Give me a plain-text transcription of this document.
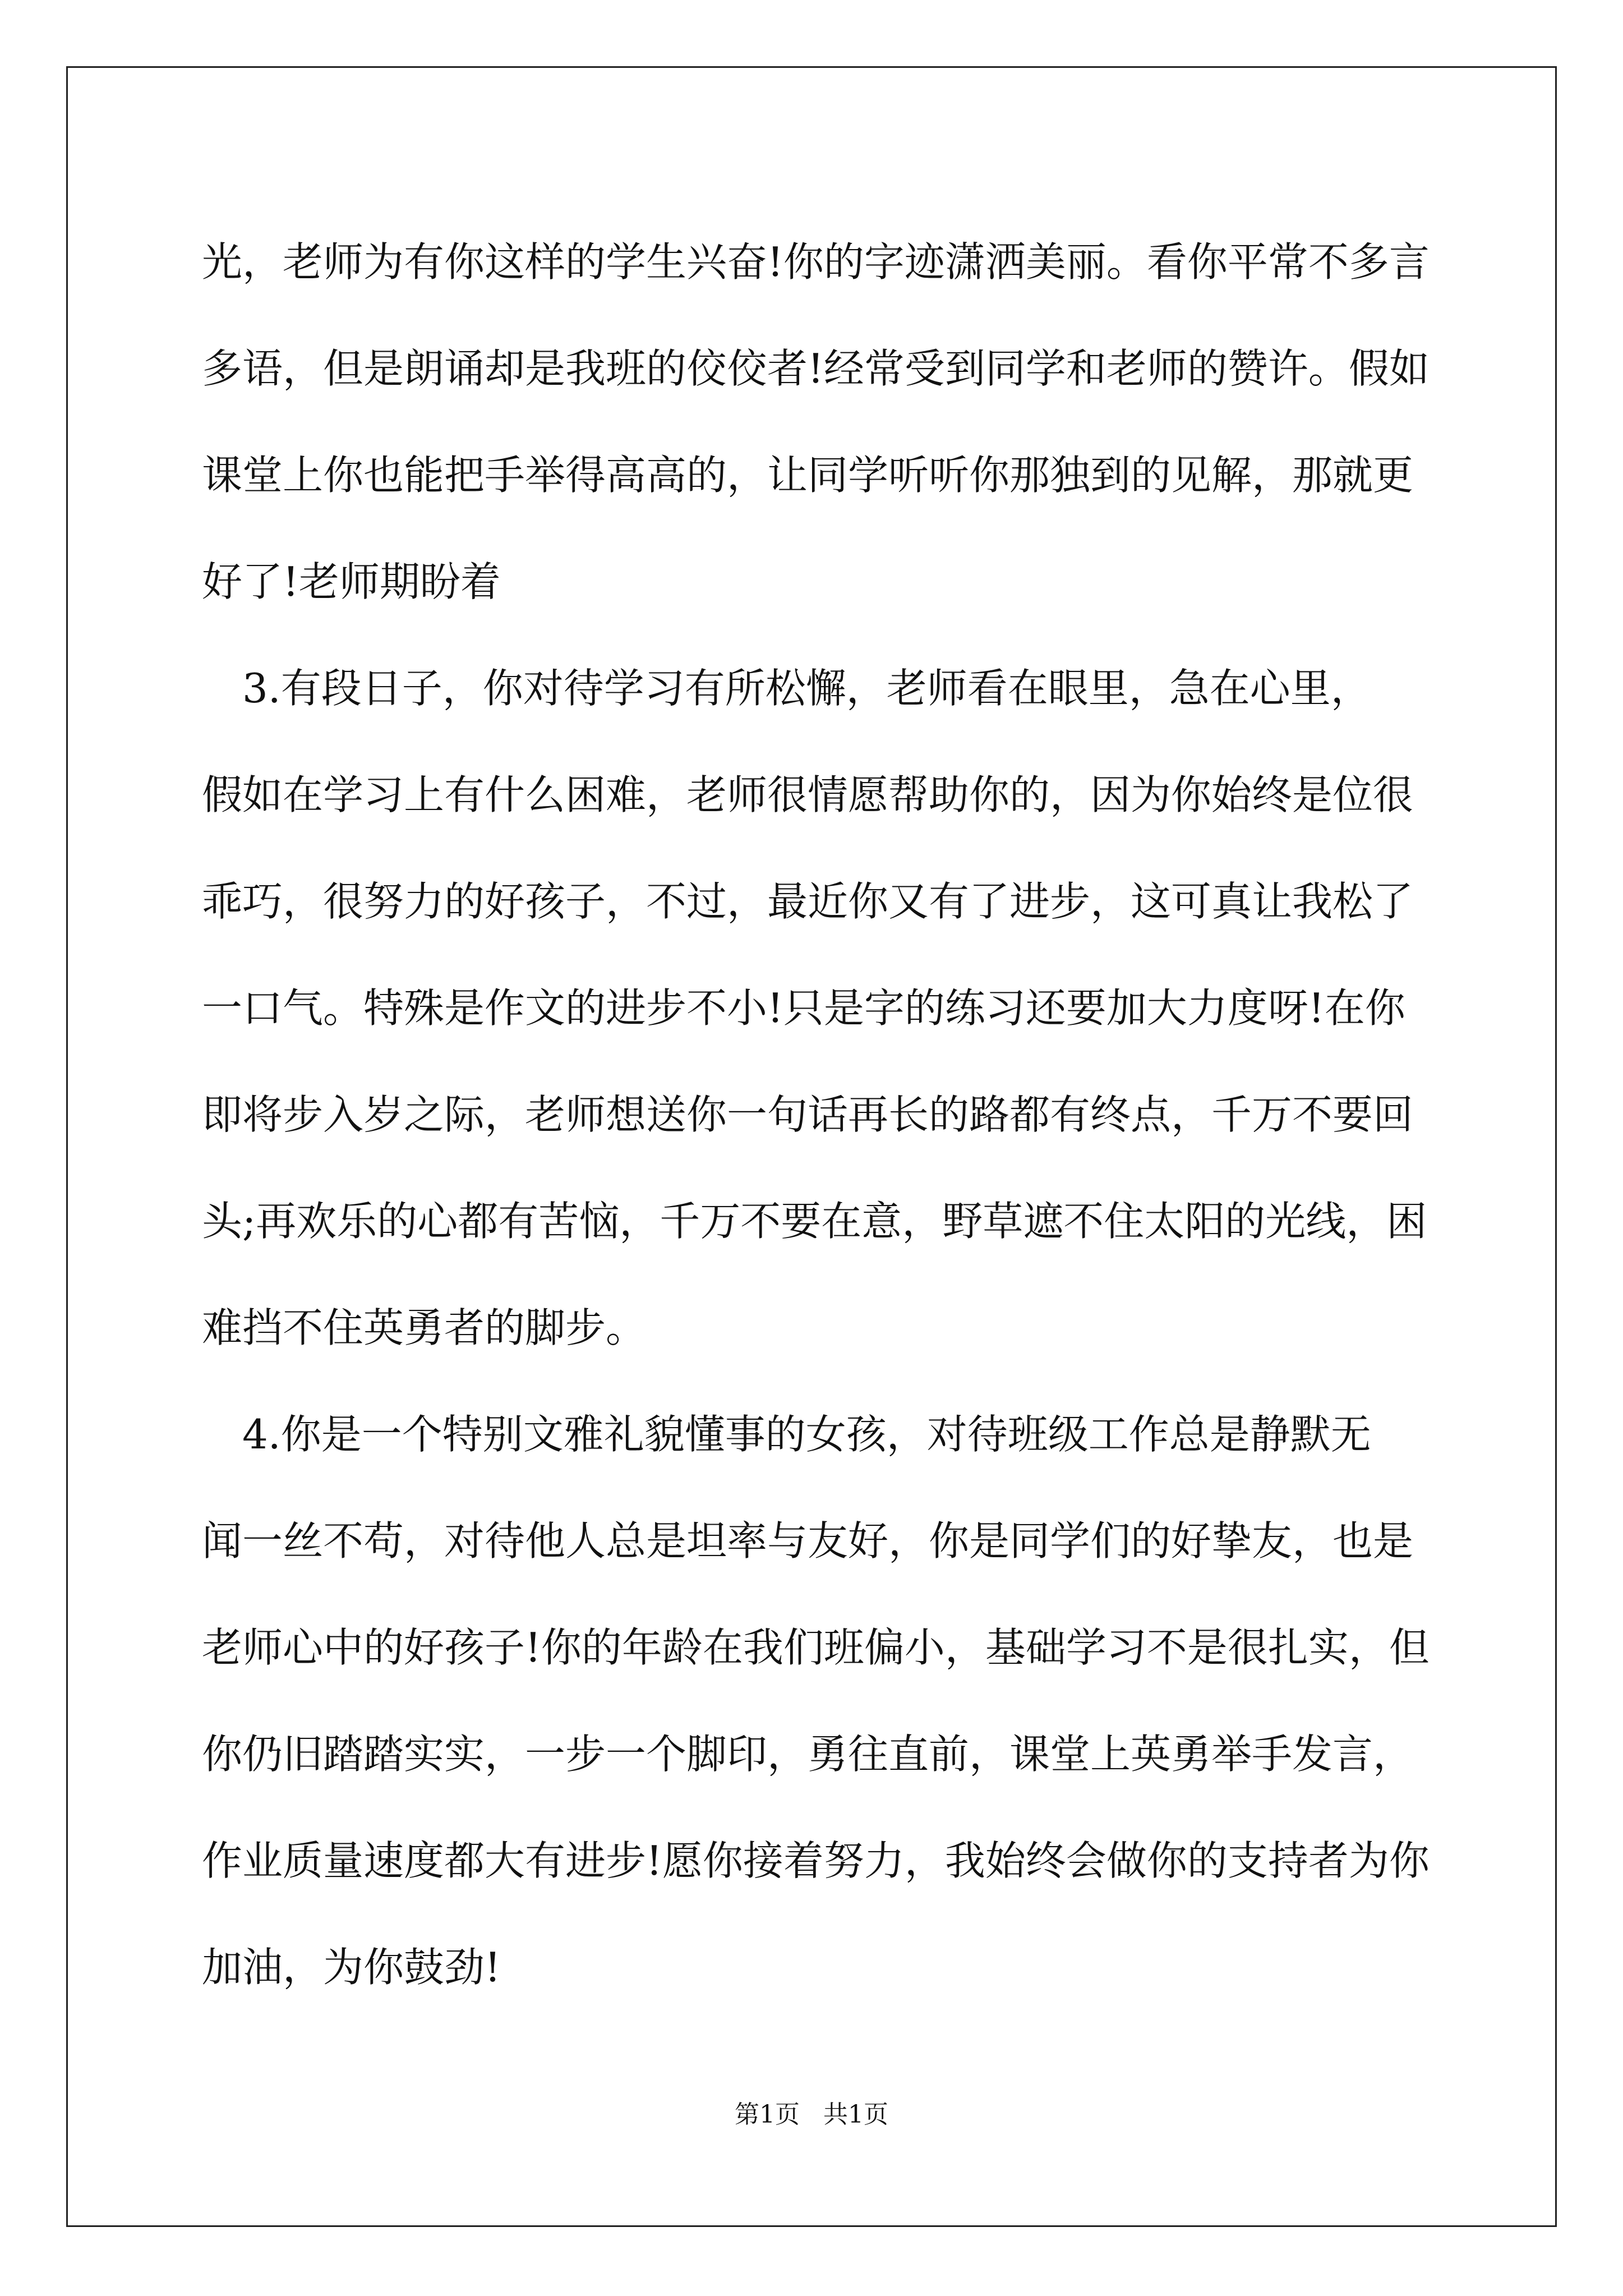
光，老师为有你这样的学生兴奋!你的字迹潇洒美丽。看你平常不多言
多语，但是朗诵却是我班的佼佼者!经常受到同学和老师的赞许。假如
课堂上你也能把手举得高高的，让同学听听你那独到的见解，那就更
好了!老师期盼着
　3.有段日子，你对待学习有所松懈，老师看在眼里，急在心里，
假如在学习上有什么困难，老师很情愿帮助你的，因为你始终是位很
乖巧，很努力的好孩子，不过，最近你又有了进步，这可真让我松了
一口气。特殊是作文的进步不小!只是字的练习还要加大力度呀!在你
即将步入岁之际，老师想送你一句话再长的路都有终点，千万不要回
头;再欢乐的心都有苦恼，千万不要在意，野草遮不住太阳的光线，困
难挡不住英勇者的脚步。
　4.你是一个特别文雅礼貌懂事的女孩，对待班级工作总是静默无
闻一丝不苟，对待他人总是坦率与友好，你是同学们的好挚友，也是
老师心中的好孩子!你的年龄在我们班偏小，基础学习不是很扎实，但
你仍旧踏踏实实，一步一个脚印，勇往直前，课堂上英勇举手发言，
作业质量速度都大有进步!愿你接着努力，我始终会做你的支持者为你
加油，为你鼓劲!
第1页   共1页
